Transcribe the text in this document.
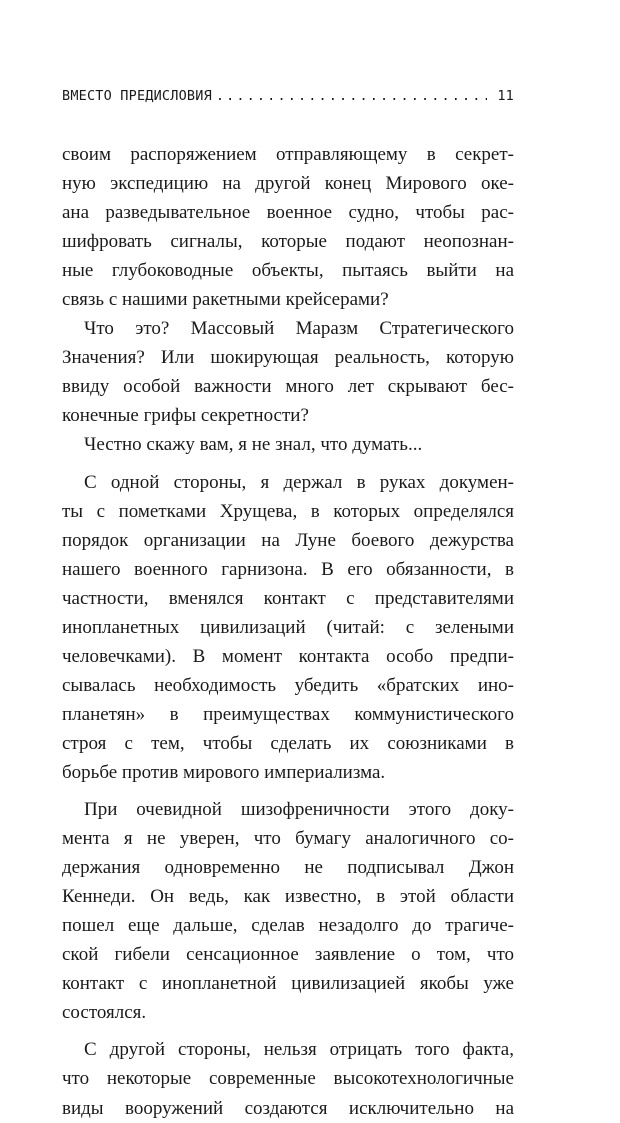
ВМЕСТО ПРЕДИСЛОВИЯ
. . .	11
своим распоряжением отправляющему в секрет-
ную экспедицию на другой конец Мирового оке-
ана разведывательное военное судно, чтобы рас-
шифровать сигналы, которые подают неопознан-
ные глубоководные объекты, пытаясь выйти на
связь с нашими ракетными крейсерами?
Что это? Массовый Маразм Стратегического
Значения? Или шокирующая реальность, которую
ввиду особой важности много лет скрывают бес-
конечные грифы секретности?
Честно скажу вам, я не знал, что думать...
С одной стороны, я держал в руках докумен-
ты с пометками Хрущева, в которых определялся
порядок организации на Луне боевого дежурства
нашего военного гарнизона. В его обязанности, в
частности, вменялся контакт с представителями
инопланетных цивилизаций (читай: с зелеными
человечками). В момент контакта особо предпи-
сывалась необходимость убедить «братских ино-
планетян» в преимуществах коммунистического
строя с тем, чтобы сделать их союзниками в
борьбе против мирового империализма.
При очевидной шизофреничности этого доку-
мента я не уверен, что бумагу аналогичного со-
держания одновременно не подписывал Джон
Кеннеди. Он ведь, как известно, в этой области
пошел еще дальше, сделав незадолго до трагиче-
ской гибели сенсационное заявление о том, что
контакт с инопланетной цивилизацией якобы уже
состоялся.
С другой стороны, нельзя отрицать того факта,
что некоторые современные высокотехнологичные
виды вооружений создаются исключительно на
